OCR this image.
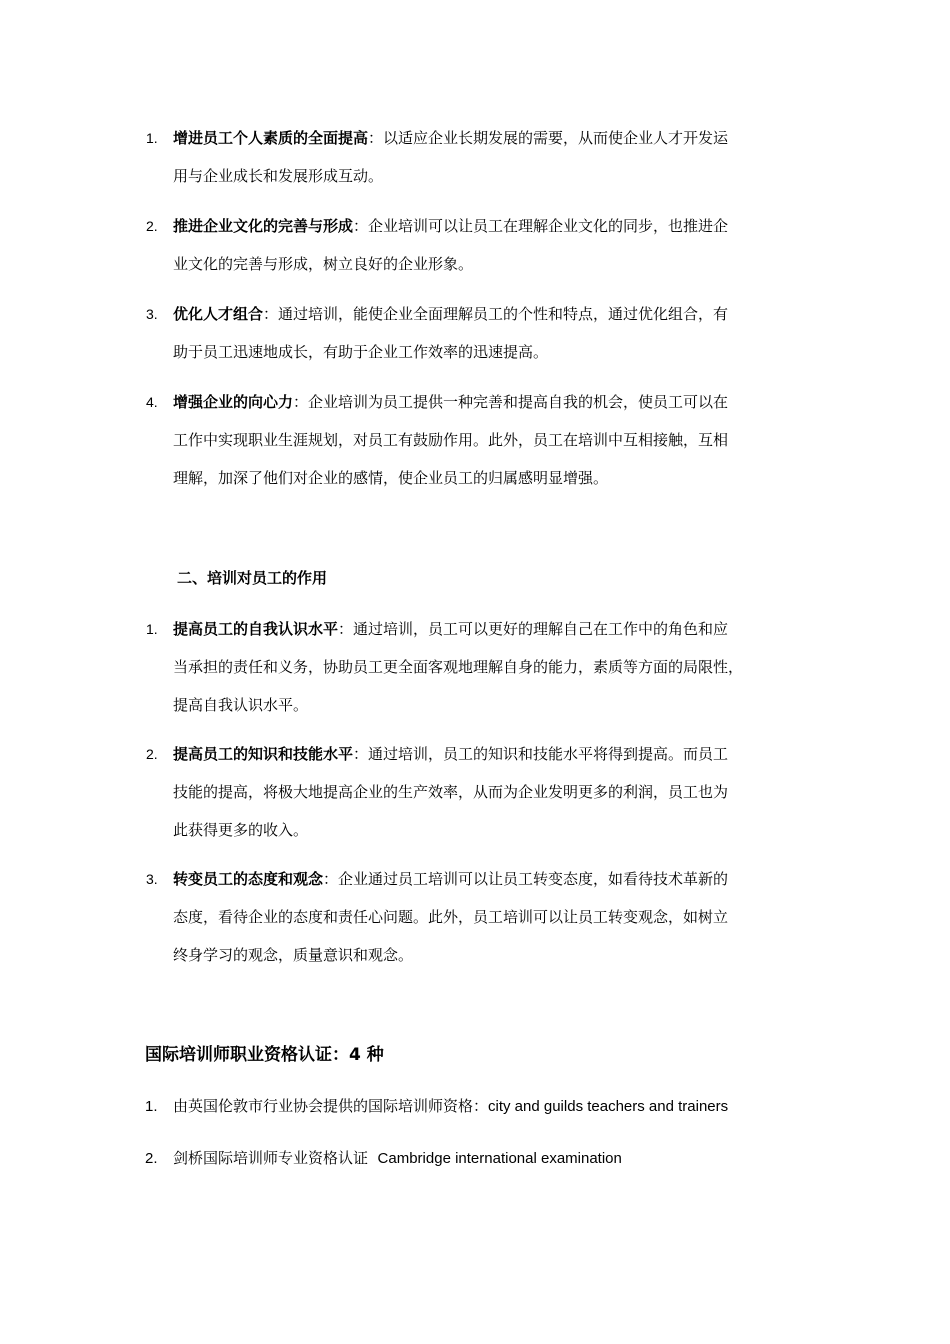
1. 增进员工个人素质的全面提高：以适应企业长期发展的需要，从而使企业人才开发运
用与企业成长和发展形成互动。
2. 推进企业文化的完善与形成：企业培训可以让员工在理解企业文化的同步，也推进企
业文化的完善与形成，树立良好的企业形象。
3. 优化人才组合：通过培训，能使企业全面理解员工的个性和特点，通过优化组合，有
助于员工迅速地成长，有助于企业工作效率的迅速提高。
4. 增强企业的向心力：企业培训为员工提供一种完善和提高自我的机会，使员工可以在
工作中实现职业生涯规划，对员工有鼓励作用。此外，员工在培训中互相接触，互相
理解，加深了他们对企业的感情，使企业员工的归属感明显增强。
二、培训对员工的作用
1. 提高员工的自我认识水平：通过培训，员工可以更好的理解自己在工作中的角色和应
当承担的责任和义务，协助员工更全面客观地理解自身的能力，素质等方面的局限性，
提高自我认识水平。
2. 提高员工的知识和技能水平：通过培训，员工的知识和技能水平将得到提高。而员工
技能的提高，将极大地提高企业的生产效率，从而为企业发明更多的利润，员工也为
此获得更多的收入。
3. 转变员工的态度和观念：企业通过员工培训可以让员工转变态度，如看待技术革新的
态度，看待企业的态度和责任心问题。此外，员工培训可以让员工转变观念，如树立
终身学习的观念，质量意识和观念。
国际培训师职业资格认证：4 种
1. 由英国伦敦市行业协会提供的国际培训师资格：city and guilds teachers and trainers
2. 剑桥国际培训师专业资格认证  Cambridge international examination
